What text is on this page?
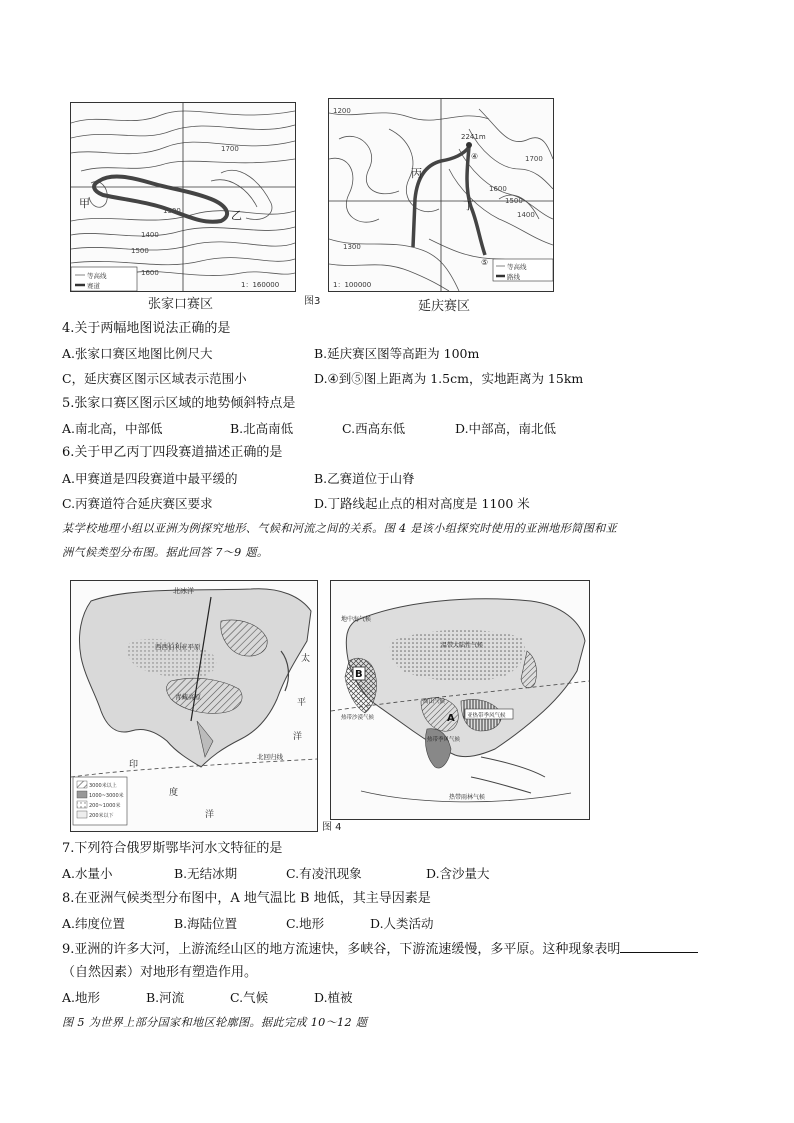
甲
乙
1300
1400
1500
1600
1700
等高线
赛道	1：160000
张家口赛区
2241m
丙
丁
④
⑤
1200
1300
1400
1500
1600
1700
等高线
路线
1：100000
图3	延庆赛区
4.关于两幅地图说法正确的是
A.张家口赛区地图比例尺大	B.延庆赛区图等高距为 100m
C，延庆赛区图示区域表示范围小	D.④到⑤图上距离为 1.5cm，实地距离为 15km
5.张家口赛区图示区域的地势倾斜特点是
A.南北高，中部低	B.北高南低	C.西高东低	D.中部高，南北低
6.关于甲乙丙丁四段赛道描述正确的是
A.甲赛道是四段赛道中最平缓的	B.乙赛道位于山脊
C.丙赛道符合延庆赛区要求	D.丁路线起止点的相对高度是 1100 米
某学校地理小组以亚洲为例探究地形、气候和河流之间的关系。图 4 是该小组探究时使用的亚洲地形简图和亚
洲气候类型分布图。据此回答 7～9 题。
北冰洋
西西伯利亚平原
青藏高原
北回归线
印
度
洋
太
平
洋
3000米以上
1000~3000米
200~1000米
200米以下
地中海气候
温带大陆性气候
B
A
热带沙漠气候
高山气候
亚热带季风气候
热带季风气候
热带雨林气候
图 4
7.下列符合俄罗斯鄂毕河水文特征的是
A.水量小	B.无结冰期	C.有凌汛现象	D.含沙量大
8.在亚洲气候类型分布图中，A 地气温比 B 地低，其主导因素是
A.纬度位置	B.海陆位置	C.地形	D.人类活动
9.亚洲的许多大河，上游流经山区的地方流速快，多峡谷，下游流速缓慢，多平原。这种现象表明
（自然因素）对地形有塑造作用。
A.地形	B.河流	C.气候	D.植被
图 5 为世界上部分国家和地区轮廓图。据此完成 10～12 题
